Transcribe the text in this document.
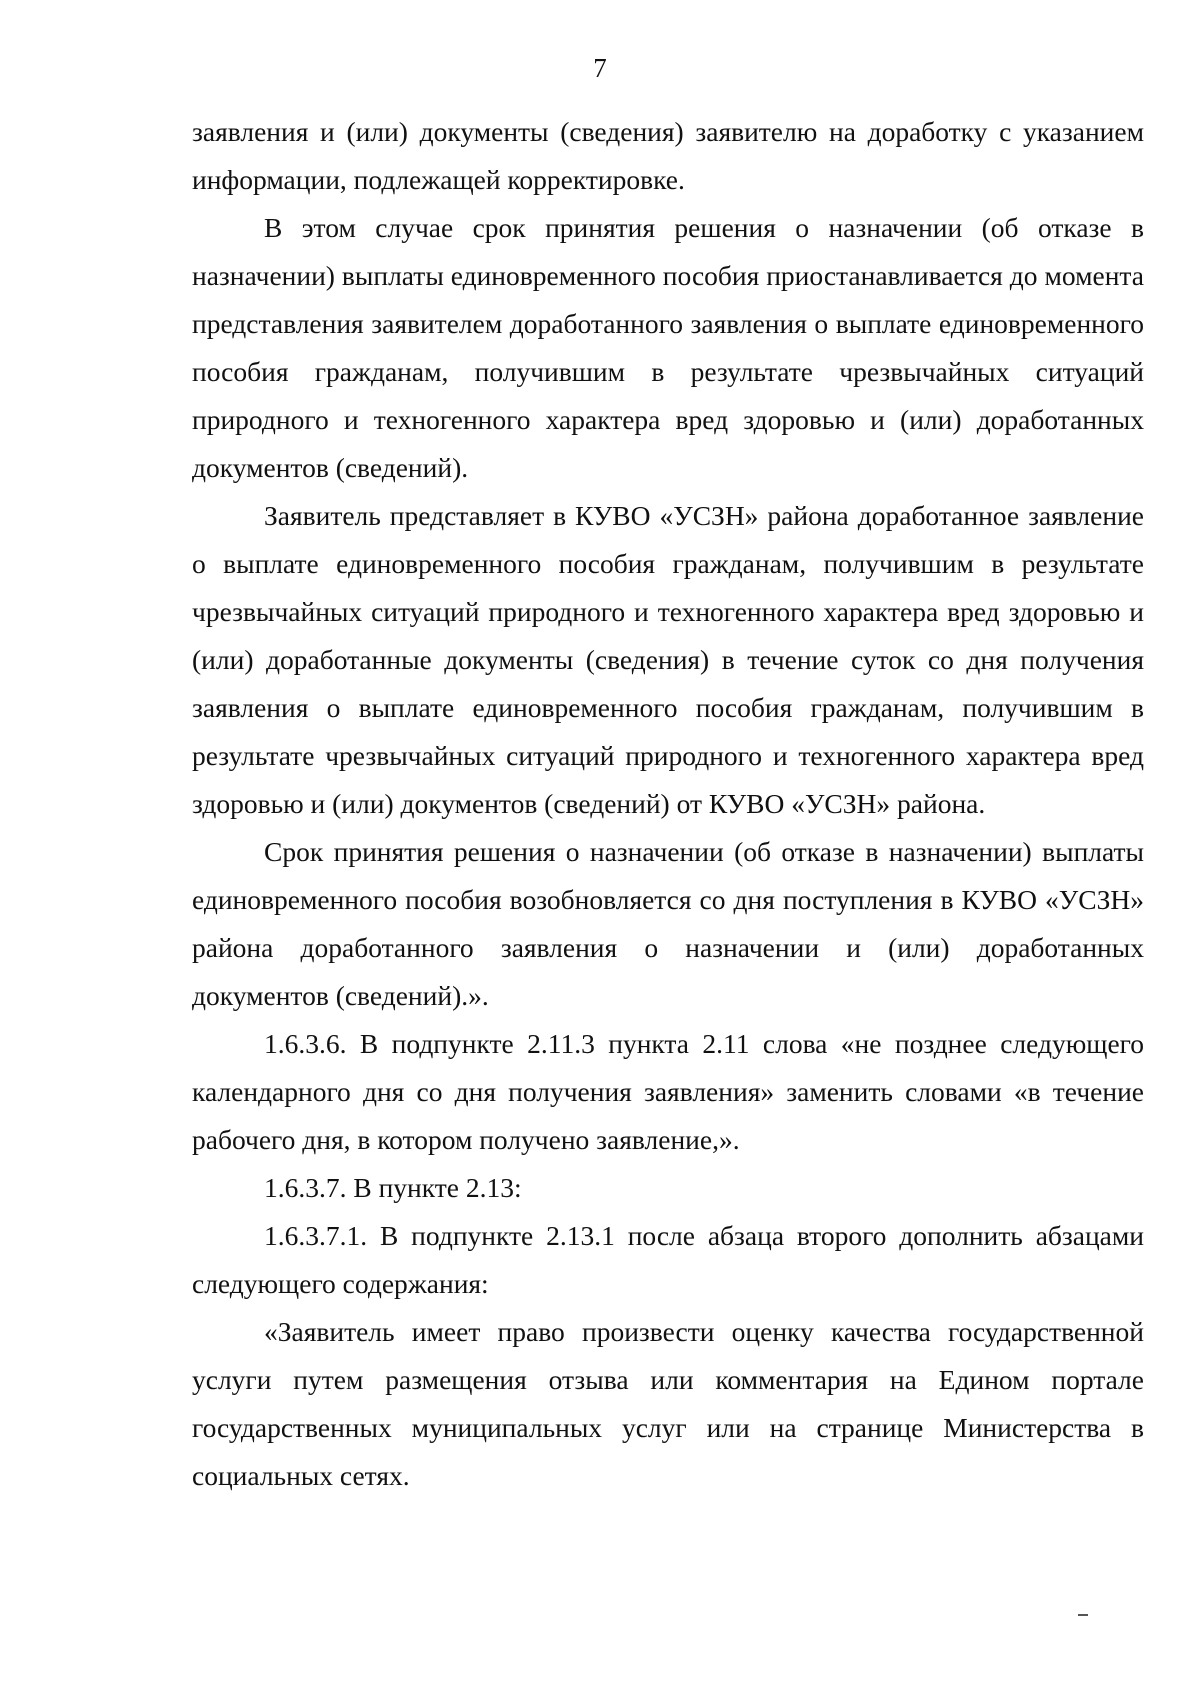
7

заявления и (или) документы (сведения) заявителю на доработку с указанием информации, подлежащей корректировке.

В этом случае срок принятия решения о назначении (об отказе в назначении) выплаты единовременного пособия приостанавливается до момента представления заявителем доработанного заявления о выплате единовременного пособия гражданам, получившим в результате чрезвычайных ситуаций природного и техногенного характера вред здоровью и (или) доработанных документов (сведений).

Заявитель представляет в КУВО «УСЗН» района доработанное заявление о выплате единовременного пособия гражданам, получившим в результате чрезвычайных ситуаций природного и техногенного характера вред здоровью и (или) доработанные документы (сведения) в течение суток со дня получения заявления о выплате единовременного пособия гражданам, получившим в результате чрезвычайных ситуаций природного и техногенного характера вред здоровью и (или) документов (сведений) от КУВО «УСЗН» района.

Срок принятия решения о назначении (об отказе в назначении) выплаты единовременного пособия возобновляется со дня поступления в КУВО «УСЗН» района доработанного заявления о назначении и (или) доработанных документов (сведений).».

1.6.3.6. В подпункте 2.11.3 пункта 2.11 слова «не позднее следующего календарного дня со дня получения заявления» заменить словами «в течение рабочего дня, в котором получено заявление,».

1.6.3.7. В пункте 2.13:

1.6.3.7.1. В подпункте 2.13.1 после абзаца второго дополнить абзацами следующего содержания:

«Заявитель имеет право произвести оценку качества государственной услуги путем размещения отзыва или комментария на Едином портале государственных муниципальных услуг или на странице Министерства в социальных сетях.
